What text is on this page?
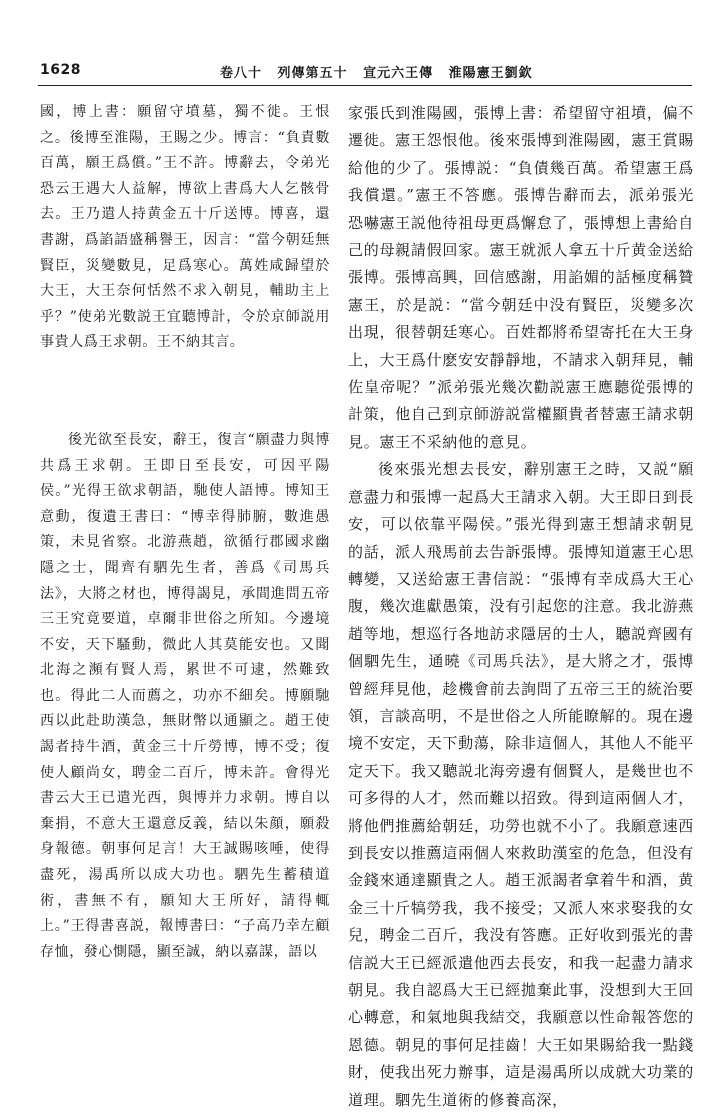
1628	卷八十 列傳第五十 宣元六王傳 淮陽憲王劉欽

國，博上書：願留守墳墓，獨不徙。王恨之。後博至淮陽，王賜之少。博言：“負責數百萬，願王爲償。”王不許。博辭去，令弟光恐云王遇大人益解，博欲上書爲大人乞骸骨去。王乃遣人持黄金五十斤送博。博喜，還書謝，爲諂語盛稱譽王，因言：“當今朝廷無賢臣，災變數見，足爲寒心。萬姓咸歸望於大王，大王奈何恬然不求入朝見，輔助主上乎？”使弟光數説王宜聽博計，令於京師説用事貴人爲王求朝。王不納其言。

後光欲至長安，辭王，復言“願盡力與博共爲王求朝。王即日至長安，可因平陽侯。”光得王欲求朝語，馳使人語博。博知王意動，復遺王書曰：“博幸得肺腑，數進愚策，未見省察。北游燕趙，欲循行郡國求幽隱之士，聞齊有駟先生者，善爲《司馬兵法》，大將之材也，博得謁見，承間進問五帝三王究竟要道，卓爾非世俗之所知。今邊境不安，天下騷動，微此人其莫能安也。又聞北海之瀕有賢人焉，累世不可逮，然難致也。得此二人而薦之，功亦不細矣。博願馳西以此赴助漢急，無財幣以通顯之。趙王使謁者持牛酒，黄金三十斤勞博，博不受；復使人顧尚女，聘金二百斤，博未許。會得光書云大王已遣光西，與博并力求朝。博自以棄捐，不意大王還意反義，結以朱顔，願殺身報德。朝事何足言！大王誠賜咳唾，使得盡死，湯禹所以成大功也。駟先生蓄積道術，書無不有，願知大王所好，請得輒上。”王得書喜説，報博書曰：“子高乃幸左顧存恤，發心惻隱，顯至誠，納以嘉謀，語以

家張氏到淮陽國，張博上書：希望留守祖墳，偏不遷徙。憲王怨恨他。後來張博到淮陽國，憲王賞賜給他的少了。張博説：“負債幾百萬。希望憲王爲我償還。”憲王不答應。張博告辭而去，派弟張光恐嚇憲王説他待祖母更爲懈怠了，張博想上書給自己的母親請假回家。憲王就派人拿五十斤黄金送給張博。張博高興，回信感謝，用諂媚的話極度稱贊憲王，於是説：“當今朝廷中没有賢臣，災變多次出現，很替朝廷寒心。百姓都將希望寄托在大王身上，大王爲什麽安安靜靜地，不請求入朝拜見，輔佐皇帝呢？”派弟張光幾次勸説憲王應聽從張博的計策，他自己到京師游説當權顯貴者替憲王請求朝見。憲王不采納他的意見。

後來張光想去長安，辭别憲王之時，又説“願意盡力和張博一起爲大王請求入朝。大王即日到長安，可以依靠平陽侯。”張光得到憲王想請求朝見的話，派人飛馬前去告訴張博。張博知道憲王心思轉變，又送給憲王書信説：“張博有幸成爲大王心腹，幾次進獻愚策，没有引起您的注意。我北游燕趙等地，想巡行各地訪求隱居的士人，聽説齊國有個駟先生，通曉《司馬兵法》，是大將之才，張博曾經拜見他，趁機會前去詢問了五帝三王的統治要領，言談高明，不是世俗之人所能瞭解的。現在邊境不安定，天下動蕩，除非這個人，其他人不能平定天下。我又聽説北海旁邊有個賢人，是幾世也不可多得的人才，然而難以招致。得到這兩個人才，將他們推薦給朝廷，功勞也就不小了。我願意速西到長安以推薦這兩個人來救助漢室的危急，但没有金錢來通達顯貴之人。趙王派謁者拿着牛和酒，黄金三十斤犒勞我，我不接受；又派人來求娶我的女兒，聘金二百斤，我没有答應。正好收到張光的書信説大王已經派遣他西去長安，和我一起盡力請求朝見。我自認爲大王已經拋棄此事，没想到大王回心轉意，和氣地與我結交，我願意以性命報答您的恩德。朝見的事何足挂齒！大王如果賜給我一點錢財，使我出死力辦事，這是湯禹所以成就大功業的道理。駟先生道術的修養高深，
